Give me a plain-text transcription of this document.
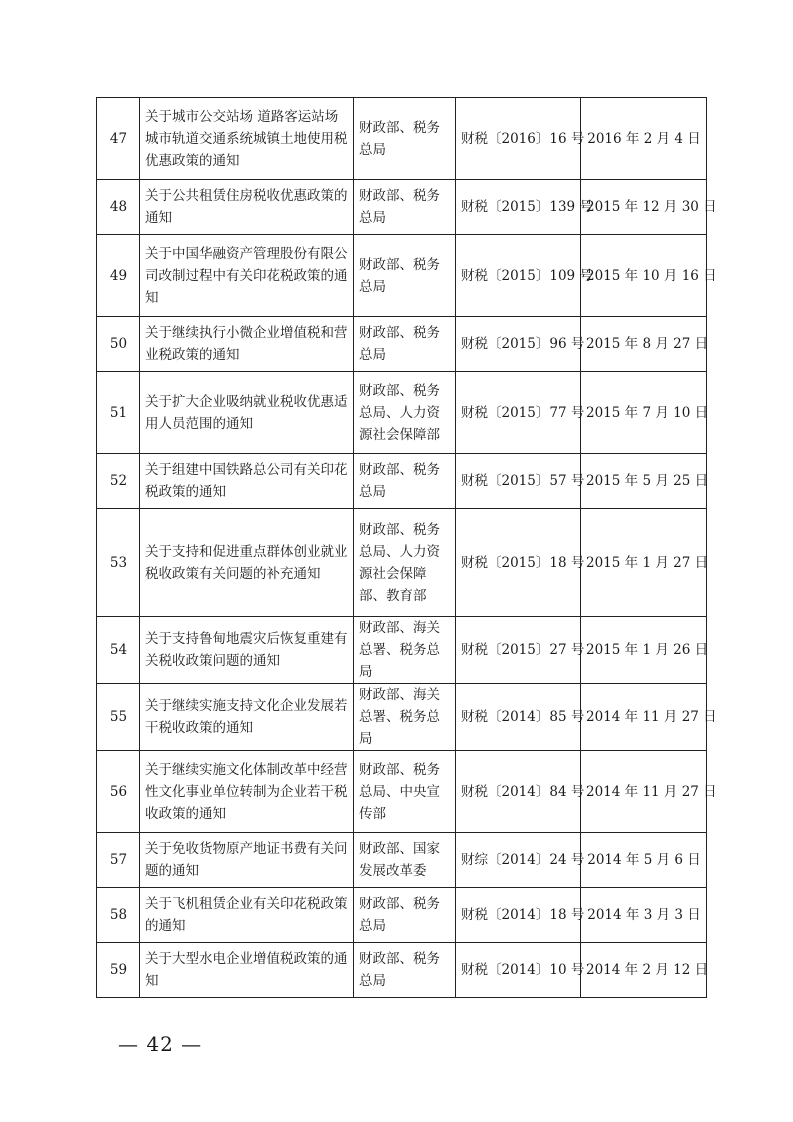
47	关于城市公交站场 道路客运站场城市轨道交通系统城镇土地使用税优惠政策的通知	财政部、税务总局	财税〔2016〕16 号	2016 年 2 月 4 日
48	关于公共租赁住房税收优惠政策的通知	财政部、税务总局	财税〔2015〕139 号	2015 年 12 月 30 日
49	关于中国华融资产管理股份有限公司改制过程中有关印花税政策的通知	财政部、税务总局	财税〔2015〕109 号	2015 年 10 月 16 日
50	关于继续执行小微企业增值税和营业税政策的通知	财政部、税务总局	财税〔2015〕96 号	2015 年 8 月 27 日
51	关于扩大企业吸纳就业税收优惠适用人员范围的通知	财政部、税务总局、人力资源社会保障部	财税〔2015〕77 号	2015 年 7 月 10 日
52	关于组建中国铁路总公司有关印花税政策的通知	财政部、税务总局	财税〔2015〕57 号	2015 年 5 月 25 日
53	关于支持和促进重点群体创业就业税收政策有关问题的补充通知	财政部、税务总局、人力资源社会保障部、教育部	财税〔2015〕18 号	2015 年 1 月 27 日
54	关于支持鲁甸地震灾后恢复重建有关税收政策问题的通知	财政部、海关总署、税务总局	财税〔2015〕27 号	2015 年 1 月 26 日
55	关于继续实施支持文化企业发展若干税收政策的通知	财政部、海关总署、税务总局	财税〔2014〕85 号	2014 年 11 月 27 日
56	关于继续实施文化体制改革中经营性文化事业单位转制为企业若干税收政策的通知	财政部、税务总局、中央宣传部	财税〔2014〕84 号	2014 年 11 月 27 日
57	关于免收货物原产地证书费有关问题的通知	财政部、国家发展改革委	财综〔2014〕24 号	2014 年 5 月 6 日
58	关于飞机租赁企业有关印花税政策的通知	财政部、税务总局	财税〔2014〕18 号	2014 年 3 月 3 日
59	关于大型水电企业增值税政策的通知	财政部、税务总局	财税〔2014〕10 号	2014 年 2 月 12 日
— 42 —
